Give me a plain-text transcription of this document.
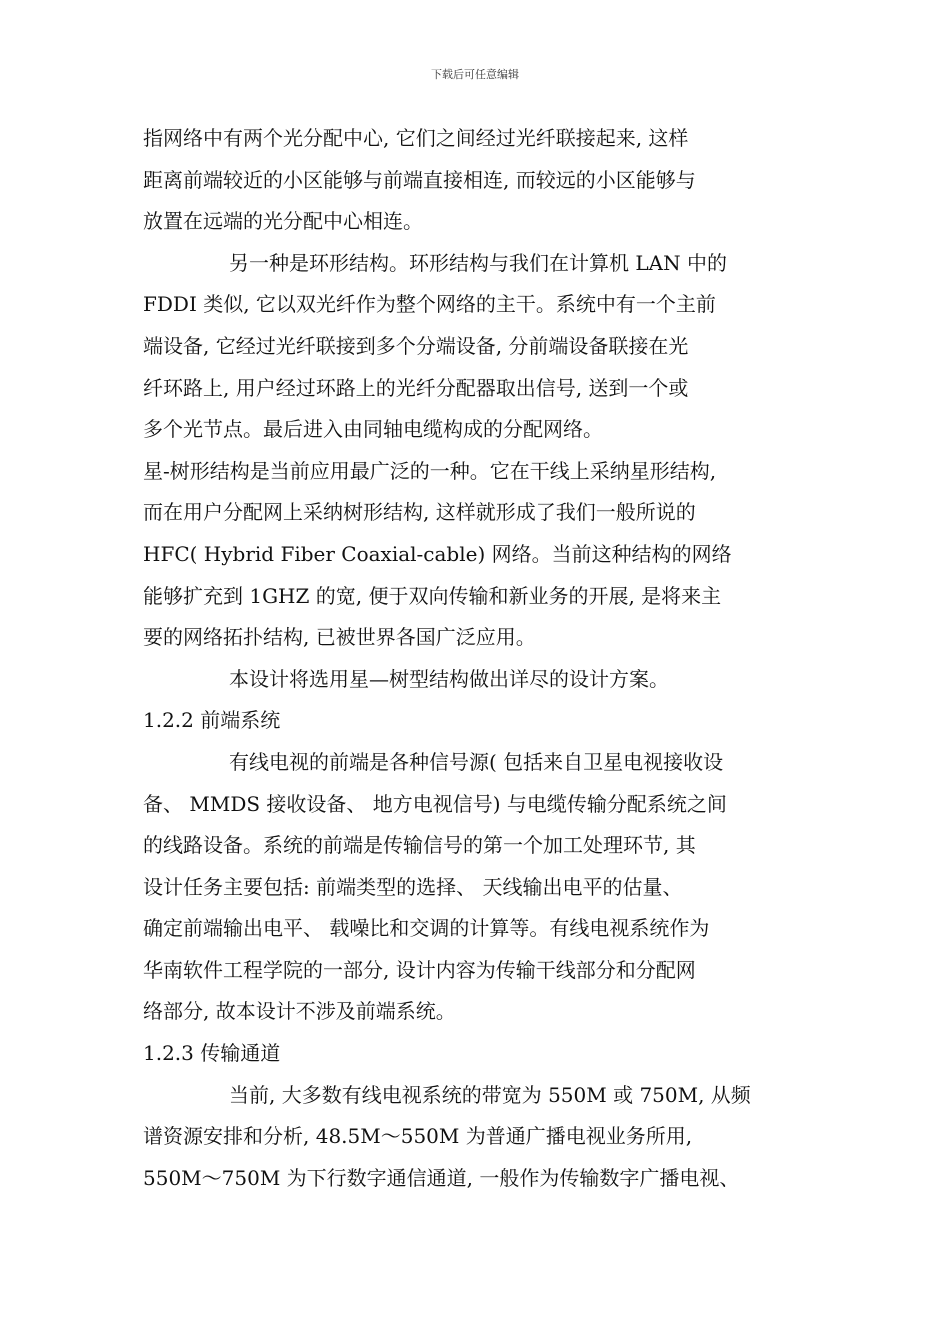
下载后可任意编辑
指网络中有两个光分配中心, 它们之间经过光纤联接起来, 这样
距离前端较近的小区能够与前端直接相连, 而较远的小区能够与
放置在远端的光分配中心相连。
另一种是环形结构。环形结构与我们在计算机 LAN 中的
FDDI 类似, 它以双光纤作为整个网络的主干。系统中有一个主前
端设备, 它经过光纤联接到多个分端设备, 分前端设备联接在光
纤环路上, 用户经过环路上的光纤分配器取出信号, 送到一个或
多个光节点。最后进入由同轴电缆构成的分配网络。
星-树形结构是当前应用最广泛的一种。它在干线上采纳星形结构,
而在用户分配网上采纳树形结构, 这样就形成了我们一般所说的
HFC( Hybrid Fiber Coaxial-cable) 网络。当前这种结构的网络
能够扩充到 1GHZ 的宽, 便于双向传输和新业务的开展, 是将来主
要的网络拓扑结构, 已被世界各国广泛应用。
本设计将选用星—树型结构做出详尽的设计方案。
1.2.2 前端系统
有线电视的前端是各种信号源( 包括来自卫星电视接收设
备、 MMDS 接收设备、 地方电视信号) 与电缆传输分配系统之间
的线路设备。系统的前端是传输信号的第一个加工处理环节, 其
设计任务主要包括: 前端类型的选择、 天线输出电平的估量、
确定前端输出电平、 载噪比和交调的计算等。有线电视系统作为
华南软件工程学院的一部分, 设计内容为传输干线部分和分配网
络部分, 故本设计不涉及前端系统。
1.2.3 传输通道
当前, 大多数有线电视系统的带宽为 550M 或 750M, 从频
谱资源安排和分析, 48.5M～550M 为普通广播电视业务所用,
550M～750M 为下行数字通信通道, 一般作为传输数字广播电视、
